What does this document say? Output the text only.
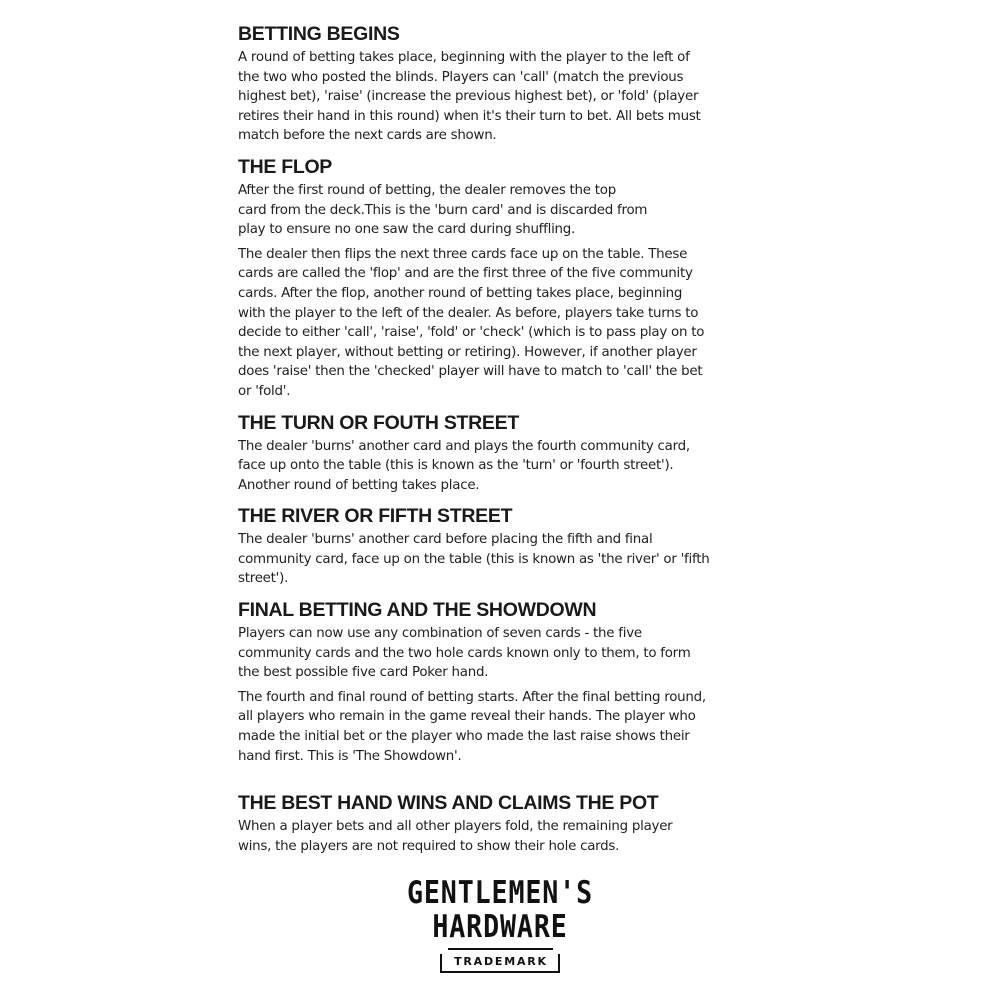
BETTING BEGINS

A round of betting takes place, beginning with the player to the left of
the two who posted the blinds. Players can 'call' (match the previous
highest bet), 'raise' (increase the previous highest bet), or 'fold' (player
retires their hand in this round) when it's their turn to bet. All bets must
match before the next cards are shown.

THE FLOP

After the first round of betting, the dealer removes the top
card from the deck.This is the 'burn card' and is discarded from
play to ensure no one saw the card during shuffling.

The dealer then flips the next three cards face up on the table. These
cards are called the 'flop' and are the first three of the five community
cards. After the flop, another round of betting takes place, beginning
with the player to the left of the dealer. As before, players take turns to
decide to either 'call', 'raise', 'fold' or 'check' (which is to pass play on to
the next player, without betting or retiring). However, if another player
does 'raise' then the 'checked' player will have to match to 'call' the bet
or 'fold'.

THE TURN OR FOUTH STREET

The dealer 'burns' another card and plays the fourth community card,
face up onto the table (this is known as the 'turn' or 'fourth street').
Another round of betting takes place.

THE RIVER OR FIFTH STREET

The dealer 'burns' another card before placing the fifth and final
community card, face up on the table (this is known as 'the river' or 'fifth
street').

FINAL BETTING AND THE SHOWDOWN

Players can now use any combination of seven cards - the five
community cards and the two hole cards known only to them, to form
the best possible five card Poker hand.

The fourth and final round of betting starts. After the final betting round,
all players who remain in the game reveal their hands. The player who
made the initial bet or the player who made the last raise shows their
hand first. This is 'The Showdown'.

THE BEST HAND WINS AND CLAIMS THE POT

When a player bets and all other players fold, the remaining player
wins, the players are not required to show their hole cards.

GENTLEMEN'S
HARDWARE
TRADEMARK
